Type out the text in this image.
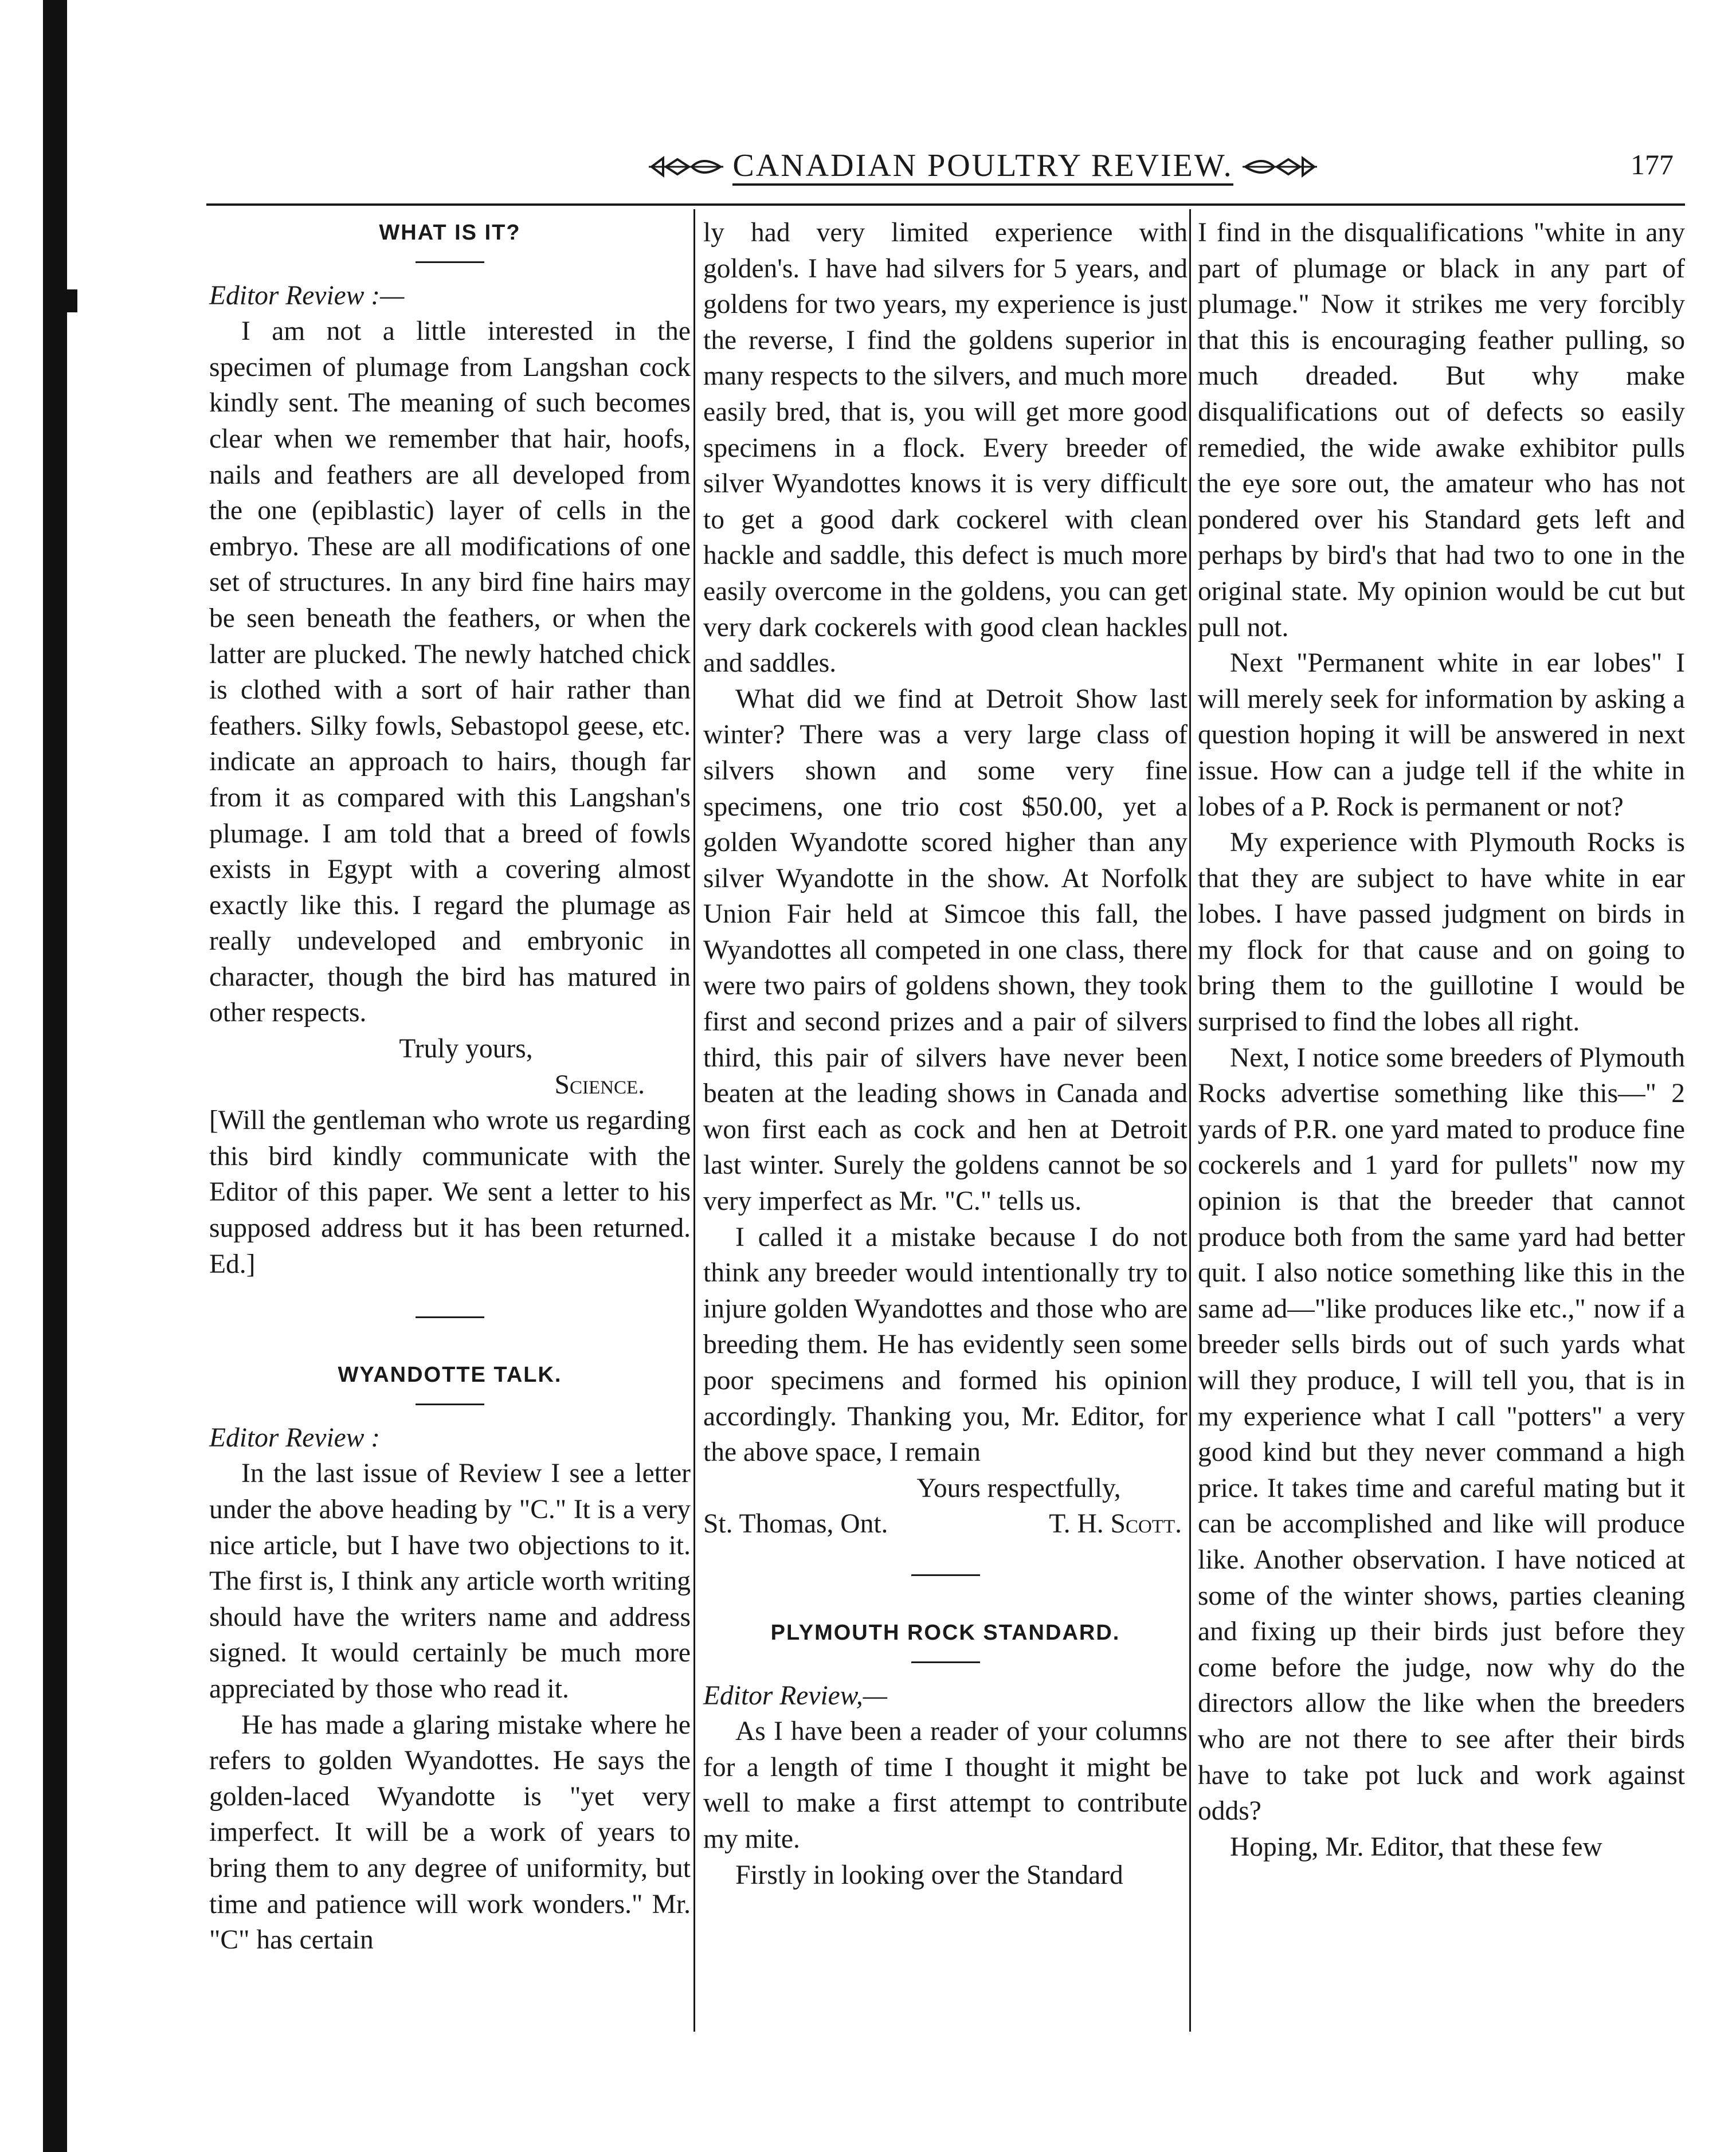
CANADIAN POULTRY REVIEW.	177
WHAT IS IT?

Editor Review :—

I am not a little interested in the specimen of plumage from Langshan cock kindly sent. The meaning of such becomes clear when we remember that hair, hoofs, nails and feathers are all developed from the one (epiblastic) layer of cells in the embryo. These are all modifications of one set of structures. In any bird fine hairs may be seen beneath the feathers, or when the latter are plucked. The newly hatched chick is clothed with a sort of hair rather than feathers. Silky fowls, Sebastopol geese, etc. indicate an approach to hairs, though far from it as compared with this Langshan's plumage. I am told that a breed of fowls exists in Egypt with a covering almost exactly like this. I regard the plumage as really undeveloped and embryonic in character, though the bird has matured in other respects.

Truly yours,

Science.

[Will the gentleman who wrote us regarding this bird kindly communicate with the Editor of this paper. We sent a letter to his supposed address but it has been returned. Ed.]

WYANDOTTE TALK.

Editor Review :

In the last issue of Review I see a letter under the above heading by "C." It is a very nice article, but I have two objections to it. The first is, I think any article worth writing should have the writers name and address signed. It would certainly be much more appreciated by those who read it.

He has made a glaring mistake where he refers to golden Wyandottes. He says the golden-laced Wyandotte is "yet very imperfect. It will be a work of years to bring them to any degree of uniformity, but time and patience will work wonders." Mr. "C" has certain

ly had very limited experience with golden's. I have had silvers for 5 years, and goldens for two years, my experience is just the reverse, I find the goldens superior in many respects to the silvers, and much more easily bred, that is, you will get more good specimens in a flock. Every breeder of silver Wyandottes knows it is very difficult to get a good dark cockerel with clean hackle and saddle, this defect is much more easily overcome in the goldens, you can get very dark cockerels with good clean hackles and saddles.

What did we find at Detroit Show last winter? There was a very large class of silvers shown and some very fine specimens, one trio cost $50.00, yet a golden Wyandotte scored higher than any silver Wyandotte in the show. At Norfolk Union Fair held at Simcoe this fall, the Wyandottes all competed in one class, there were two pairs of goldens shown, they took first and second prizes and a pair of silvers third, this pair of silvers have never been beaten at the leading shows in Canada and won first each as cock and hen at Detroit last winter. Surely the goldens cannot be so very imperfect as Mr. "C." tells us.

I called it a mistake because I do not think any breeder would intentionally try to injure golden Wyandottes and those who are breeding them. He has evidently seen some poor specimens and formed his opinion accordingly. Thanking you, Mr. Editor, for the above space, I remain

Yours respectfully,

St. Thomas, Ont.	T. H. Scott.
PLYMOUTH ROCK STANDARD.

Editor Review,—

As I have been a reader of your columns for a length of time I thought it might be well to make a first attempt to contribute my mite.

Firstly in looking over the Standard

I find in the disqualifications "white in any part of plumage or black in any part of plumage." Now it strikes me very forcibly that this is encouraging feather pulling, so much dreaded. But why make disqualifications out of defects so easily remedied, the wide awake exhibitor pulls the eye sore out, the amateur who has not pondered over his Standard gets left and perhaps by bird's that had two to one in the original state. My opinion would be cut but pull not.

Next "Permanent white in ear lobes" I will merely seek for information by asking a question hoping it will be answered in next issue. How can a judge tell if the white in lobes of a P. Rock is permanent or not?

My experience with Plymouth Rocks is that they are subject to have white in ear lobes. I have passed judgment on birds in my flock for that cause and on going to bring them to the guillotine I would be surprised to find the lobes all right.

Next, I notice some breeders of Plymouth Rocks advertise something like this—" 2 yards of P.R. one yard mated to produce fine cockerels and 1 yard for pullets" now my opinion is that the breeder that cannot produce both from the same yard had better quit. I also notice something like this in the same ad—"like produces like etc.," now if a breeder sells birds out of such yards what will they produce, I will tell you, that is in my experience what I call "potters" a very good kind but they never command a high price. It takes time and careful mating but it can be accomplished and like will produce like. Another observation. I have noticed at some of the winter shows, parties cleaning and fixing up their birds just before they come before the judge, now why do the directors allow the like when the breeders who are not there to see after their birds have to take pot luck and work against odds?

Hoping, Mr. Editor, that these few
